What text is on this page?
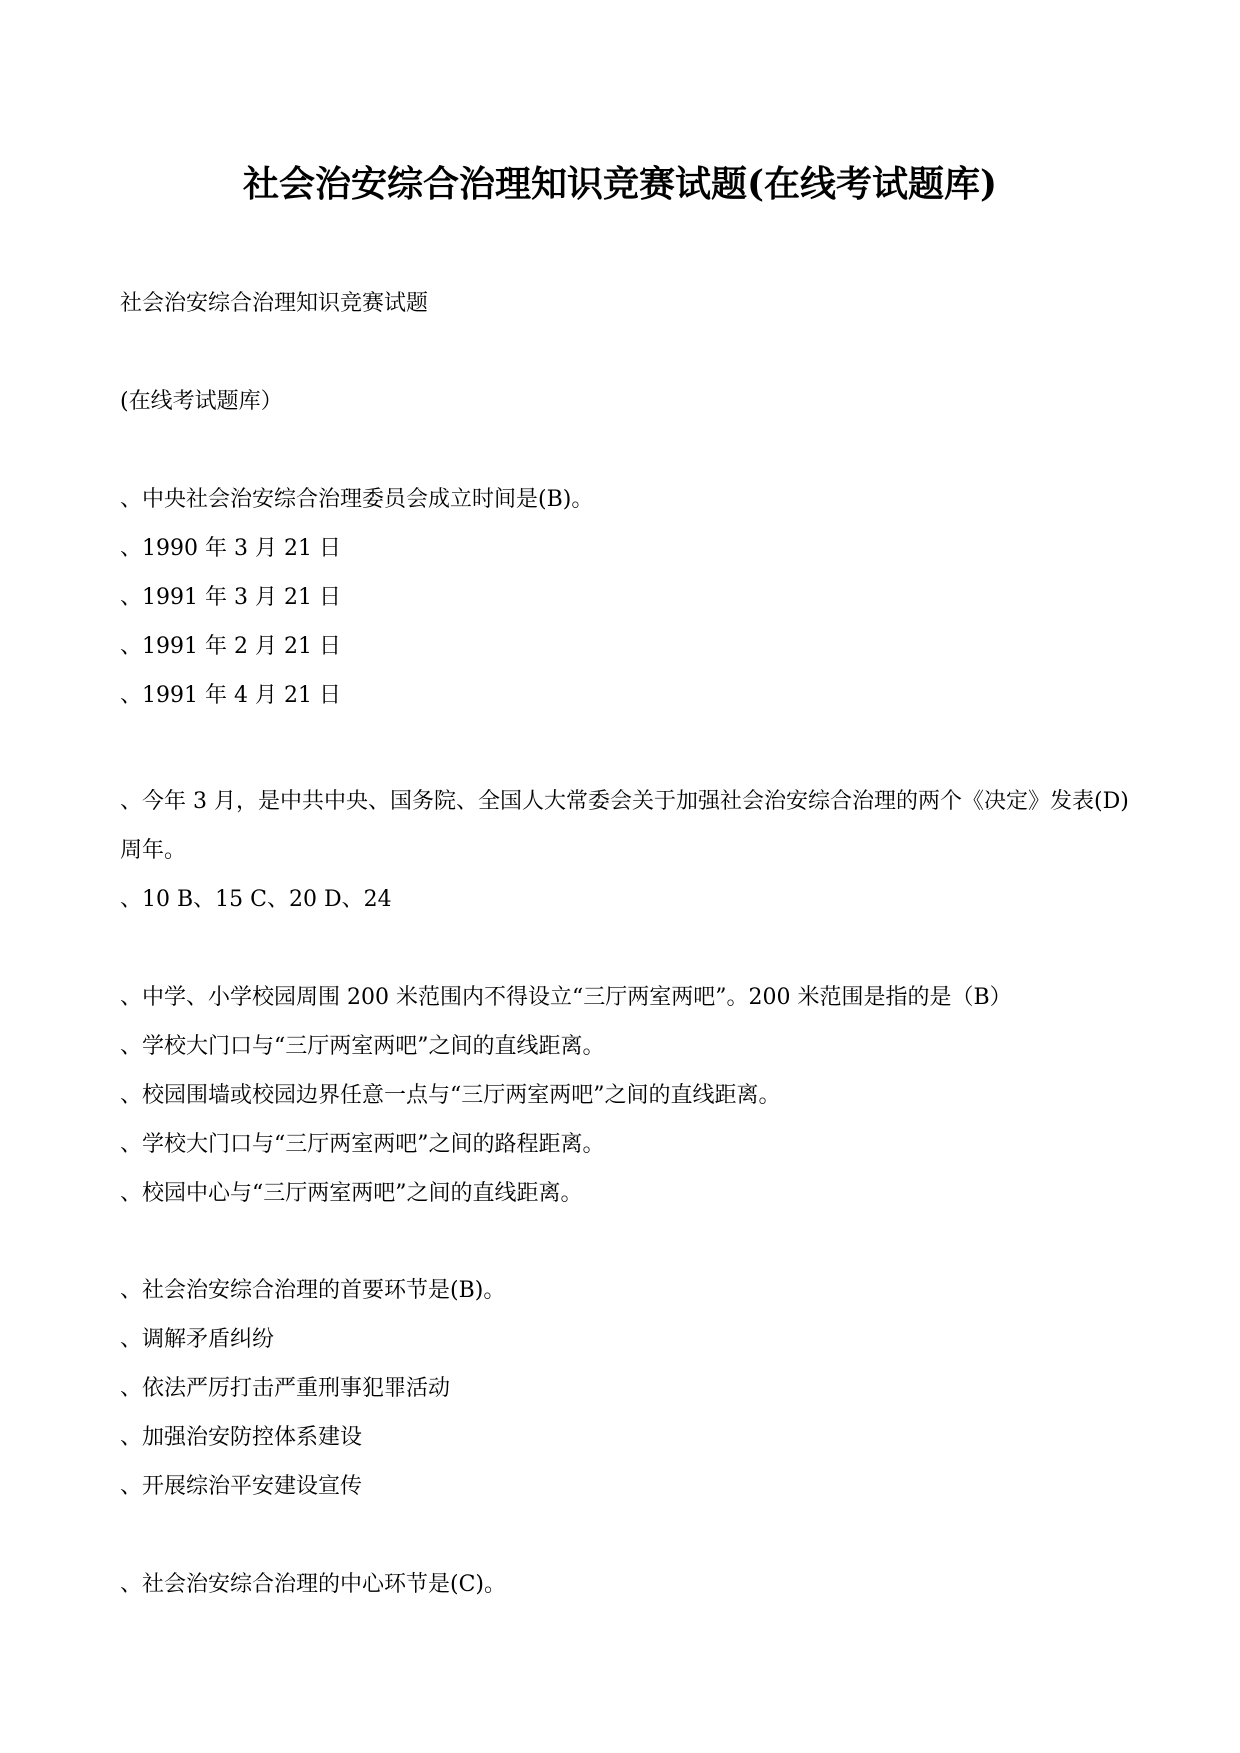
社会治安综合治理知识竞赛试题(在线考试题库)
社会治安综合治理知识竞赛试题
(在线考试题库）
、中央社会治安综合治理委员会成立时间是(B)。
、1990 年 3 月 21 日
、1991 年 3 月 21 日
、1991 年 2 月 21 日
、1991 年 4 月 21 日
、今年 3 月，是中共中央、国务院、全国人大常委会关于加强社会治安综合治理的两个《决定》发表(D)周年。
、10 B、15 C、20 D、24
、中学、小学校园周围 200 米范围内不得设立“三厅两室两吧”。200 米范围是指的是（B）
、学校大门口与“三厅两室两吧”之间的直线距离。
、校园围墙或校园边界任意一点与“三厅两室两吧”之间的直线距离。
、学校大门口与“三厅两室两吧”之间的路程距离。
、校园中心与“三厅两室两吧”之间的直线距离。
、社会治安综合治理的首要环节是(B)。
、调解矛盾纠纷
、依法严厉打击严重刑事犯罪活动
、加强治安防控体系建设
、开展综治平安建设宣传
、社会治安综合治理的中心环节是(C)。
